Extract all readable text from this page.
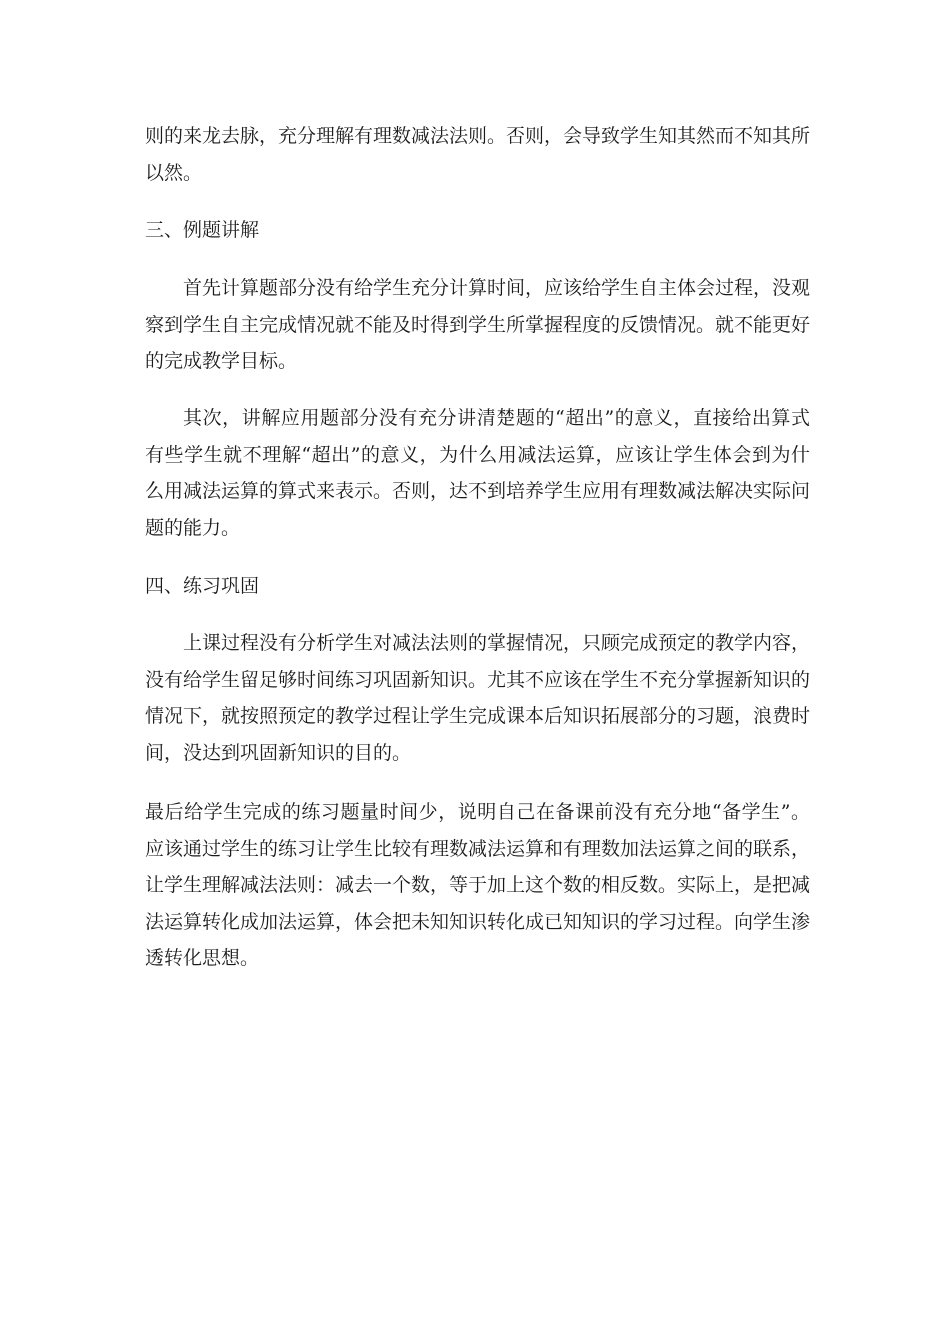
则的来龙去脉，充分理解有理数减法法则。否则，会导致学生知其然而不知其所以然。

三、例题讲解

首先计算题部分没有给学生充分计算时间，应该给学生自主体会过程，没观察到学生自主完成情况就不能及时得到学生所掌握程度的反馈情况。就不能更好的完成教学目标。

其次，讲解应用题部分没有充分讲清楚题的“超出”的意义，直接给出算式有些学生就不理解“超出”的意义，为什么用减法运算，应该让学生体会到为什么用减法运算的算式来表示。否则，达不到培养学生应用有理数减法解决实际问题的能力。

四、练习巩固

上课过程没有分析学生对减法法则的掌握情况，只顾完成预定的教学内容，没有给学生留足够时间练习巩固新知识。尤其不应该在学生不充分掌握新知识的情况下，就按照预定的教学过程让学生完成课本后知识拓展部分的习题，浪费时间，没达到巩固新知识的目的。

最后给学生完成的练习题量时间少，说明自己在备课前没有充分地“备学生”。应该通过学生的练习让学生比较有理数减法运算和有理数加法运算之间的联系，让学生理解减法法则：减去一个数，等于加上这个数的相反数。实际上，是把减法运算转化成加法运算，体会把未知知识转化成已知知识的学习过程。向学生渗透转化思想。
